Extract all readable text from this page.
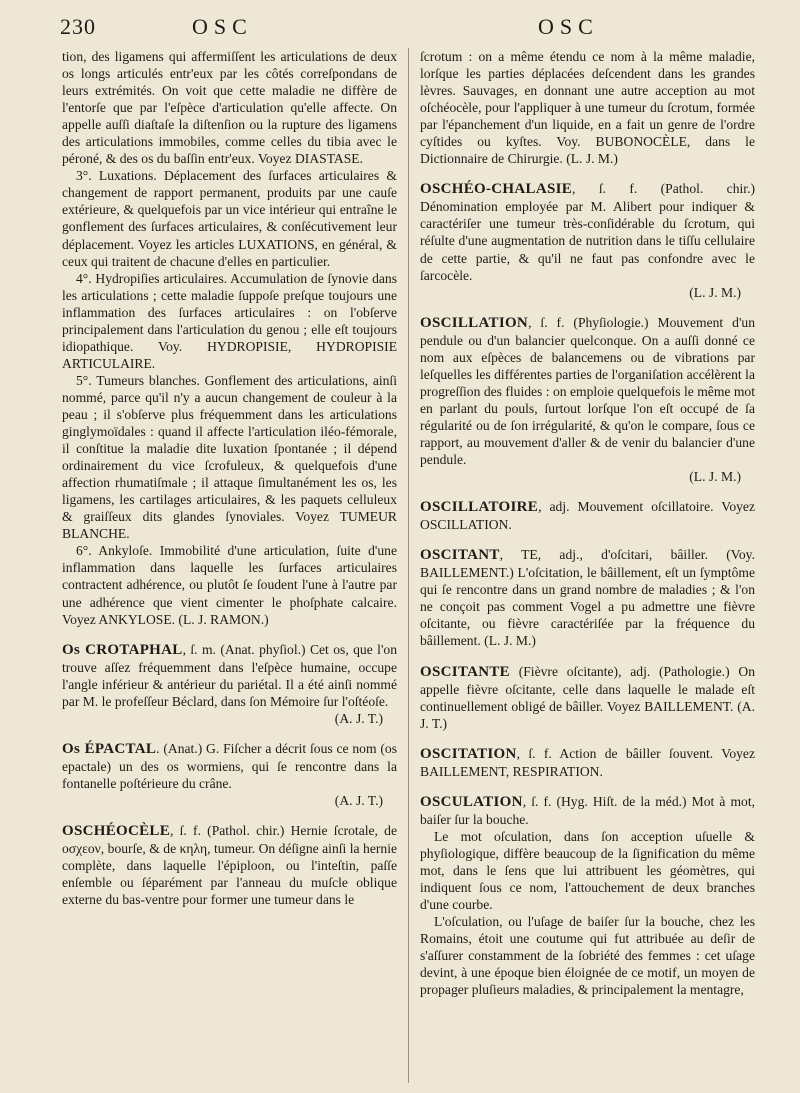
230	OSC	OSC

tion, des ligamens qui affermiſſent les articulations de deux os longs articulés entr'eux par les côtés correſpondans de leurs extrémités. On voit que cette maladie ne diffère de l'entorſe que par l'eſpèce d'articulation qu'elle affecte. On appelle auſſi diaſtaſe la diſtenſion ou la rupture des ligamens des articulations immobiles, comme celles du tibia avec le péroné, & des os du baſſin entr'eux. Voyez DIASTASE.

3°. Luxations. Déplacement des ſurfaces articulaires & changement de rapport permanent, produits par une cauſe extérieure, & quelquefois par un vice intérieur qui entraîne le gonflement des ſurfaces articulaires, & conſécutivement leur déplacement. Voyez les articles LUXATIONS, en général, & ceux qui traitent de chacune d'elles en particulier.

4°. Hydropiſies articulaires. Accumulation de ſynovie dans les articulations ; cette maladie ſuppoſe preſque toujours une inflammation des ſurfaces articulaires : on l'obſerve principalement dans l'articulation du genou ; elle eſt toujours idiopathique. Voy. HYDROPISIE, HYDROPISIE ARTICULAIRE.

5°. Tumeurs blanches. Gonflement des articulations, ainſi nommé, parce qu'il n'y a aucun changement de couleur à la peau ; il s'obſerve plus fréquemment dans les articulations ginglymoïdales : quand il affecte l'articulation iléo-fémorale, il conſtitue la maladie dite luxation ſpontanée ; il dépend ordinairement du vice ſcrofuleux, & quelquefois d'une affection rhumatiſmale ; il attaque ſimultanément les os, les ligamens, les cartilages articulaires, & les paquets celluleux & graiſſeux dits glandes ſynoviales. Voyez TUMEUR BLANCHE.

6°. Ankyloſe. Immobilité d'une articulation, ſuite d'une inflammation dans laquelle les ſurfaces articulaires contractent adhérence, ou plutôt ſe ſoudent l'une à l'autre par une adhérence que vient cimenter le phoſphate calcaire. Voyez ANKYLOSE. (L. J. RAMON.)

Os CROTAPHAL, ſ. m. (Anat. phyſiol.) Cet os, que l'on trouve aſſez fréquemment dans l'eſpèce humaine, occupe l'angle inférieur & antérieur du pariétal. Il a été ainſi nommé par M. le profeſſeur Béclard, dans ſon Mémoire ſur l'oſtéoſe.

(A. J. T.)

Os ÉPACTAL. (Anat.) G. Fiſcher a décrit ſous ce nom (os epactale) un des os wormiens, qui ſe rencontre dans la fontanelle poſtérieure du crâne.

(A. J. T.)

OSCHÉOCÈLE, ſ. f. (Pathol. chir.) Hernie ſcrotale, de οσχεον, bourſe, & de κηλη, tumeur. On déſigne ainſi la hernie complète, dans laquelle l'épiploon, ou l'inteſtin, paſſe enſemble ou ſéparément par l'anneau du muſcle oblique externe du bas-ventre pour former une tumeur dans le

ſcrotum : on a même étendu ce nom à la même maladie, lorſque les parties déplacées deſcendent dans les grandes lèvres. Sauvages, en donnant une autre acception au mot oſchéocèle, pour l'appliquer à une tumeur du ſcrotum, formée par l'épanchement d'un liquide, en a fait un genre de l'ordre cyſtides ou kyſtes. Voy. BUBONOCÈLE, dans le Dictionnaire de Chirurgie. (L. J. M.)

OSCHÉO-CHALASIE, ſ. f. (Pathol. chir.) Dénomination employée par M. Alibert pour indiquer & caractériſer une tumeur très-conſidérable du ſcrotum, qui réſulte d'une augmentation de nutrition dans le tiſſu cellulaire de cette partie, & qu'il ne faut pas confondre avec le ſarcocèle.

(L. J. M.)

OSCILLATION, ſ. f. (Phyſiologie.) Mouvement d'un pendule ou d'un balancier quelconque. On a auſſi donné ce nom aux eſpèces de balancemens ou de vibrations par leſquelles les différentes parties de l'organiſation accélèrent la progreſſion des fluides : on emploie quelquefois le même mot en parlant du pouls, ſurtout lorſque l'on eſt occupé de ſa régularité ou de ſon irrégularité, & qu'on le compare, ſous ce rapport, au mouvement d'aller & de venir du balancier d'une pendule.

(L. J. M.)

OSCILLATOIRE, adj. Mouvement oſcillatoire. Voyez OSCILLATION.

OSCITANT, TE, adj., d'oſcitari, bâiller. (Voy. BAILLEMENT.) L'oſcitation, le bâillement, eſt un ſymptôme qui ſe rencontre dans un grand nombre de maladies ; & l'on ne conçoit pas comment Vogel a pu admettre une fièvre oſcitante, ou fièvre caractériſée par la fréquence du bâillement. (L. J. M.)

OSCITANTE (Fièvre oſcitante), adj. (Pathologie.) On appelle fièvre oſcitante, celle dans laquelle le malade eſt continuellement obligé de bâiller. Voyez BAILLEMENT. (A. J. T.)

OSCITATION, ſ. f. Action de bâiller ſouvent. Voyez BAILLEMENT, RESPIRATION.

OSCULATION, ſ. f. (Hyg. Hiſt. de la méd.) Mot à mot, baiſer ſur la bouche.

Le mot oſculation, dans ſon acception uſuelle & phyſiologique, diffère beaucoup de la ſignification du même mot, dans le ſens que lui attribuent les géomètres, qui indiquent ſous ce nom, l'attouchement de deux branches d'une courbe.

L'oſculation, ou l'uſage de baiſer ſur la bouche, chez les Romains, étoit une coutume qui fut attribuée au deſir de s'aſſurer constamment de la ſobriété des femmes : cet uſage devint, à une époque bien éloignée de ce motif, un moyen de propager pluſieurs maladies, & principalement la mentagre,
